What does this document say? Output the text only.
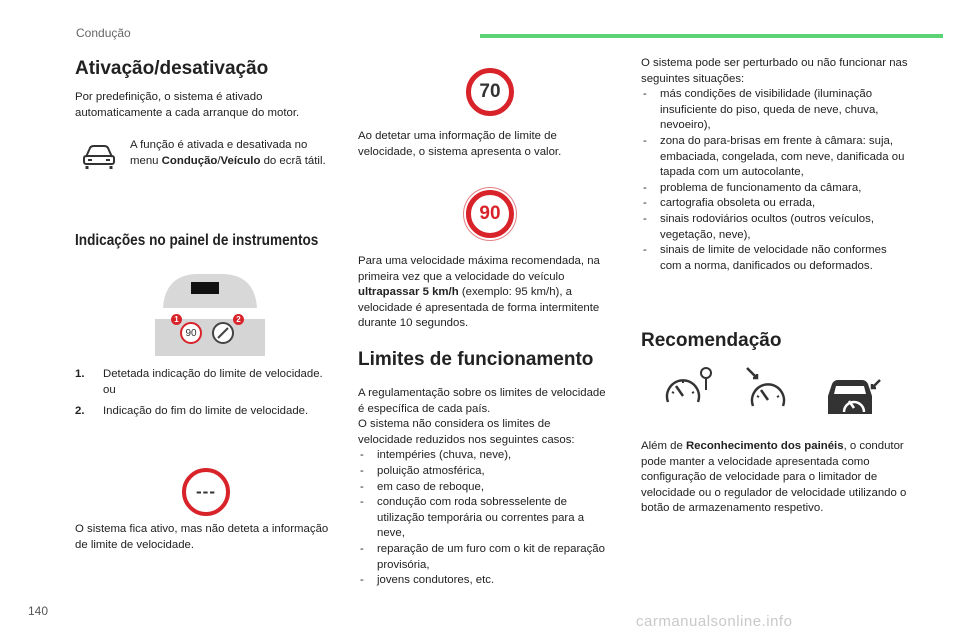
Condução
Ativação/desativação
Por predefinição, o sistema é ativado automaticamente a cada arranque do motor.
A função é ativada e desativada no menu Condução/Veículo do ecrã tátil.
Indicações no painel de instrumentos
90
1	2
1. Detetada indicação do limite de velocidade.
ou
2. Indicação do fim do limite de velocidade.
---
O sistema fica ativo, mas não deteta a informação de limite de velocidade.
70
Ao detetar uma informação de limite de velocidade, o sistema apresenta o valor.
90
Para uma velocidade máxima recomendada, na primeira vez que a velocidade do veículo ultrapassar 5 km/h (exemplo: 95 km/h), a velocidade é apresentada de forma intermitente durante 10 segundos.
Limites de funcionamento
A regulamentação sobre os limites de velocidade é específica de cada país.
O sistema não considera os limites de velocidade reduzidos nos seguintes casos:
- intempéries (chuva, neve),
- poluição atmosférica,
- em caso de reboque,
- condução com roda sobresselente de utilização temporária ou correntes para a neve,
- reparação de um furo com o kit de reparação provisória,
- jovens condutores, etc.
O sistema pode ser perturbado ou não funcionar nas seguintes situações:
- más condições de visibilidade (iluminação insuficiente do piso, queda de neve, chuva, nevoeiro),
- zona do para-brisas em frente à câmara: suja, embaciada, congelada, com neve, danificada ou tapada com um autocolante,
- problema de funcionamento da câmara,
- cartografia obsoleta ou errada,
- sinais rodoviários ocultos (outros veículos, vegetação, neve),
- sinais de limite de velocidade não conformes com a norma, danificados ou deformados.
Recomendação
Além de Reconhecimento dos painéis, o condutor pode manter a velocidade apresentada como configuração de velocidade para o limitador de velocidade ou o regulador de velocidade utilizando o botão de armazenamento respetivo.
140
carmanualsonline.info
